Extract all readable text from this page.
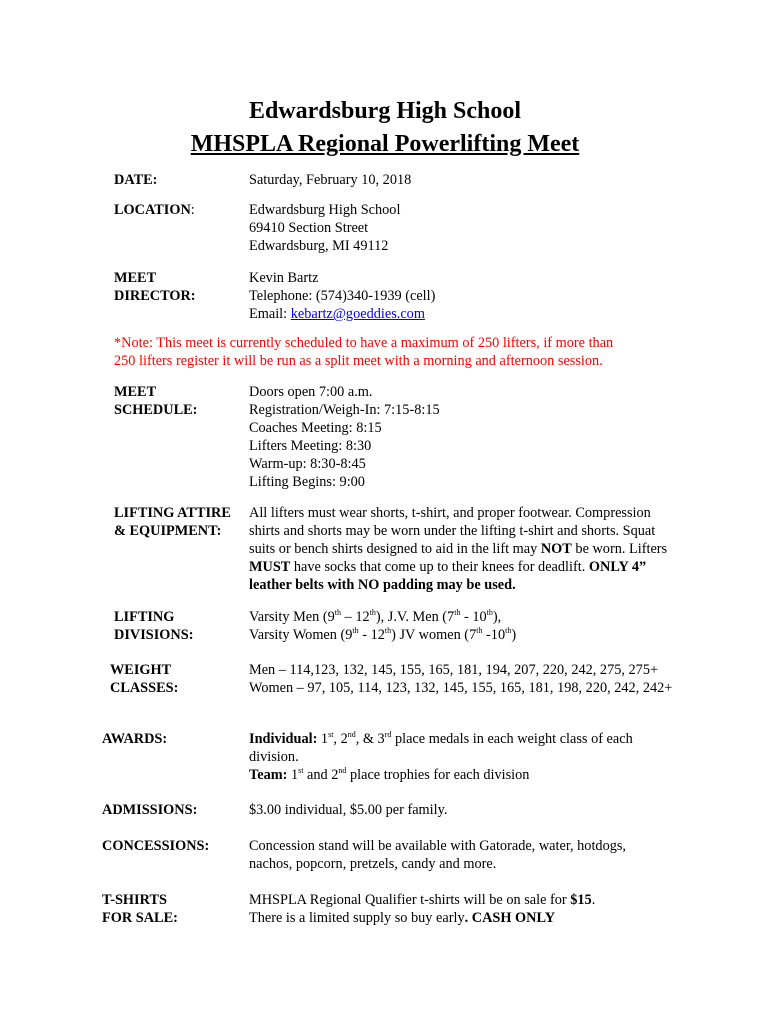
Edwardsburg High School
MHSPLA Regional Powerlifting Meet
DATE:	Saturday, February 10, 2018
LOCATION:	Edwardsburg High School
69410 Section Street
Edwardsburg, MI 49112
MEET
DIRECTOR:
Kevin Bartz
Telephone: (574)340-1939 (cell)
Email: kebartz@goeddies.com
*Note: This meet is currently scheduled to have a maximum of 250 lifters, if more than
250 lifters register it will be run as a split meet with a morning and afternoon session.
MEET
SCHEDULE:
Doors open 7:00 a.m.
Registration/Weigh-In: 7:15-8:15
Coaches Meeting: 8:15
Lifters Meeting: 8:30
Warm-up: 8:30-8:45
Lifting Begins: 9:00
LIFTING ATTIRE
& EQUIPMENT:
All lifters must wear shorts, t-shirt, and proper footwear. Compression
shirts and shorts may be worn under the lifting t-shirt and shorts. Squat
suits or bench shirts designed to aid in the lift may NOT be worn. Lifters
MUST have socks that come up to their knees for deadlift. ONLY 4”
leather belts with NO padding may be used.
LIFTING
DIVISIONS:
Varsity Men (9th – 12th), J.V. Men (7th - 10th),
Varsity Women (9th - 12th) JV women (7th -10th)
WEIGHT
CLASSES:
Men – 114,123, 132, 145, 155, 165, 181, 194, 207, 220, 242, 275, 275+
Women – 97, 105, 114, 123, 132, 145, 155, 165, 181, 198, 220, 242, 242+
AWARDS:	Individual: 1st, 2nd, & 3rd place medals in each weight class of each
division.
Team: 1st and 2nd place trophies for each division
ADMISSIONS:	$3.00 individual, $5.00 per family.
CONCESSIONS:	Concession stand will be available with Gatorade, water, hotdogs,
nachos, popcorn, pretzels, candy and more.
T-SHIRTS
FOR SALE:
MHSPLA Regional Qualifier t-shirts will be on sale for $15.
There is a limited supply so buy early. CASH ONLY
